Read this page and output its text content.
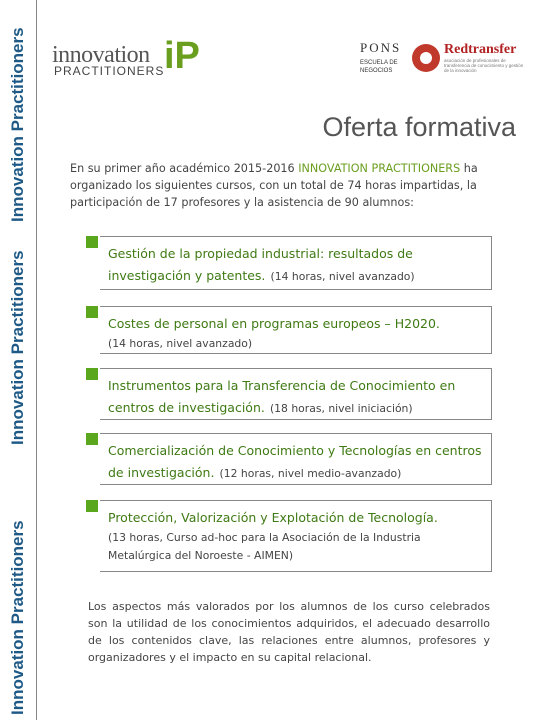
Innovation Practitioners
Innovation Practitioners
Innovation Practitioners
innovation
PRACTITIONERS iP	PONS
ESCUELA DE NEGOCIOS
Redtransfer
asociación de profesionales de transferencia de conocimiento y gestión de la innovación
Oferta formativa
En su primer año académico 2015-2016 INNOVATION PRACTITIONERS ha organizado los siguientes cursos, con un total de 74 horas impartidas, la participación de 17 profesores y la asistencia de 90 alumnos:
Gestión de la propiedad industrial: resultados de investigación y patentes. (14 horas, nivel avanzado)
Costes de personal en programas europeos – H2020.
(14 horas, nivel avanzado)
Instrumentos para la Transferencia de Conocimiento en centros de investigación. (18 horas, nivel iniciación)
Comercialización de Conocimiento y Tecnologías en centros de investigación. (12 horas, nivel medio-avanzado)
Protección, Valorización y Explotación de Tecnología.
(13 horas, Curso ad-hoc para la Asociación de la Industria Metalúrgica del Noroeste - AIMEN)
Los aspectos más valorados por los alumnos de los curso celebrados son la utilidad de los conocimientos adquiridos, el adecuado desarrollo de los contenidos clave, las relaciones entre alumnos, profesores y organizadores y el impacto en su capital relacional.
